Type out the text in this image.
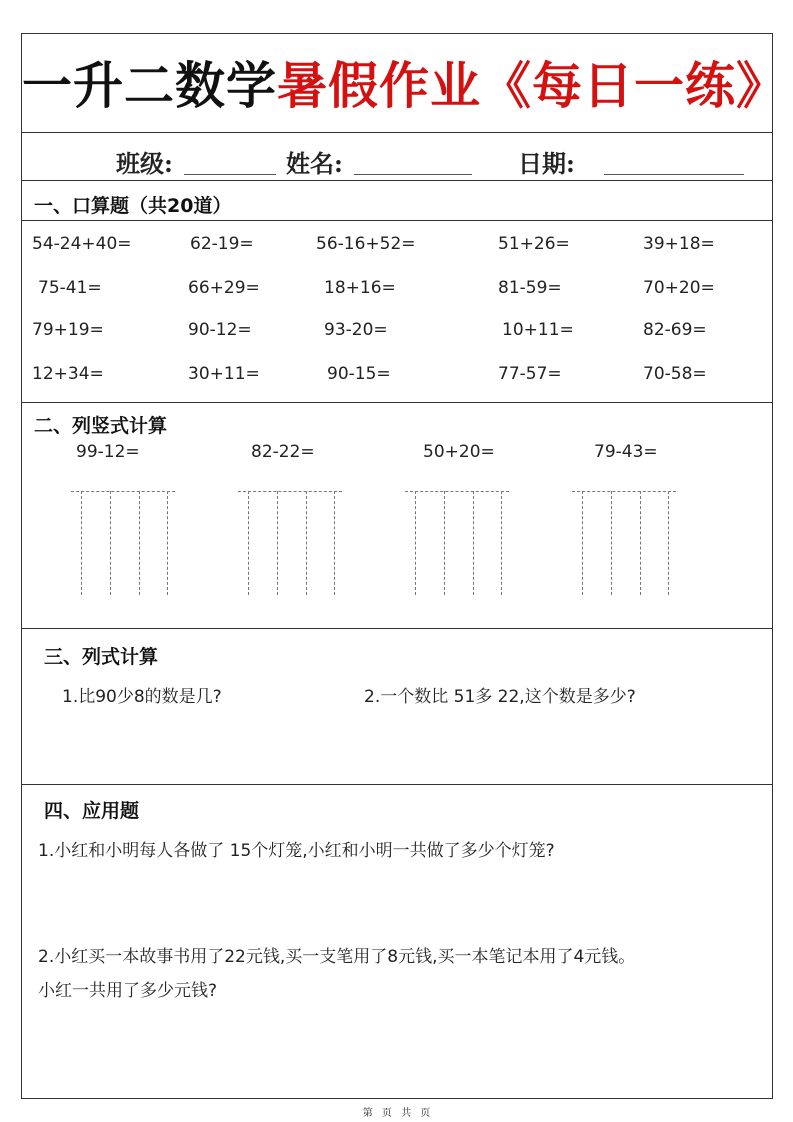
一升二数学暑假作业《每日一练》
班级:	姓名:	日期:
一、口算题（共20道）
54-24+40=	62-19=	56-16+52=	51+26=	39+18=
75-41=	66+29=	18+16=	81-59=	70+20=
79+19=	90-12=	93-20=	10+11=	82-69=
12+34=	30+11=	90-15=	77-57=	70-58=
二、列竖式计算
99-12=	82-22=	50+20=	79-43=
三、列式计算
1.比90少8的数是几?	2.一个数比 51多 22,这个数是多少?
四、应用题
1.小红和小明每人各做了 15个灯笼,小红和小明一共做了多少个灯笼?
2.小红买一本故事书用了22元钱,买一支笔用了8元钱,买一本笔记本用了4元钱。
小红一共用了多少元钱?
第 页 共 页
